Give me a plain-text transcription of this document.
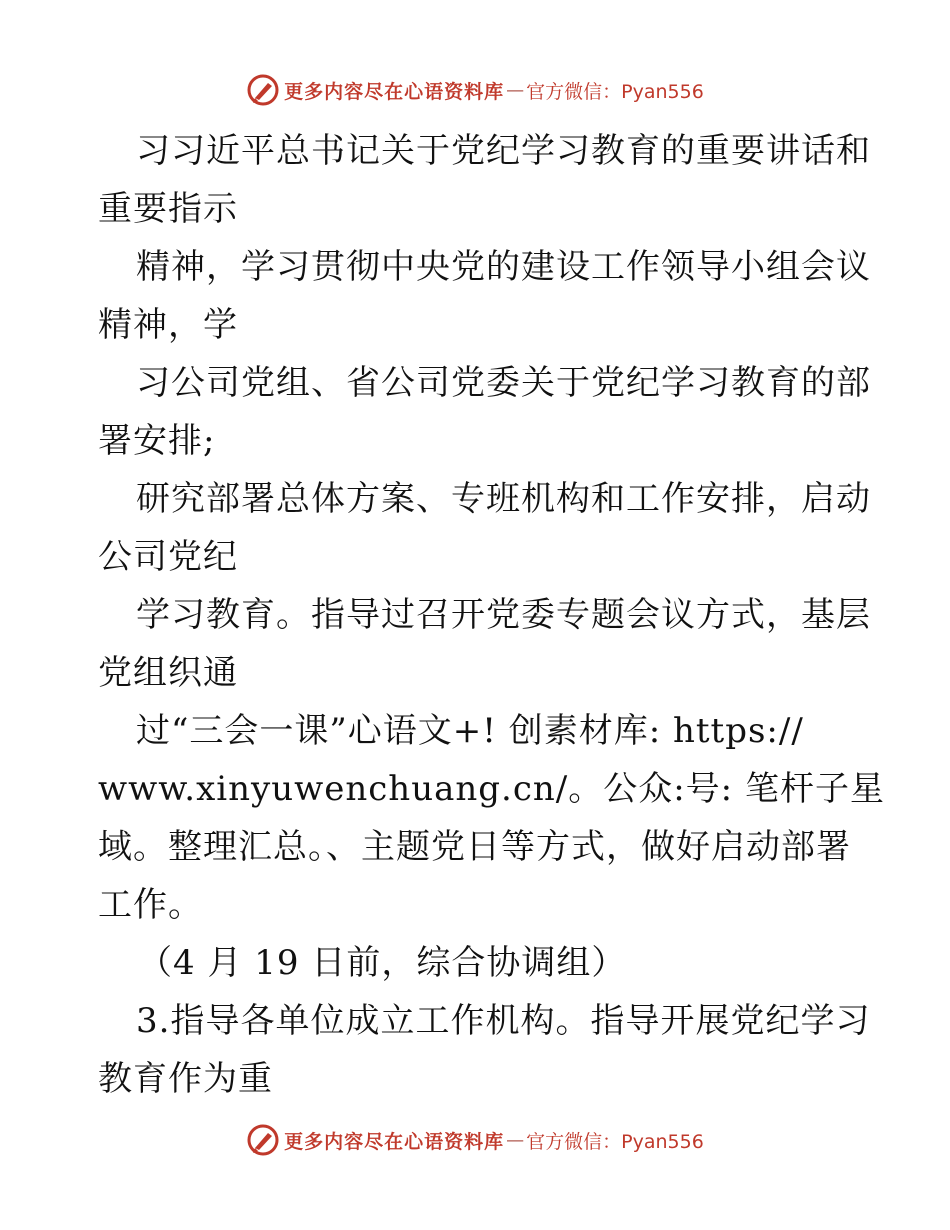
更多内容尽在心语资料库 — 官方微信：Pyan556
习习近平总书记关于党纪学习教育的重要讲话和
重要指示
精神，学习贯彻中央党的建设工作领导小组会议
精神，学
习公司党组、省公司党委关于党纪学习教育的部
署安排;
研究部署总体方案、专班机构和工作安排，启动
公司党纪
学习教育。指导过召开党委专题会议方式，基层
党组织通
过“三会一课”心语文+! 创素材库: https://
www.xinyuwenchuang.cn/。公众:号: 笔杆子星
域。整理汇总。、主题党日等方式，做好启动部署
工作。
（4 月 19 日前，综合协调组）
3.指导各单位成立工作机构。指导开展党纪学习
教育作为重
更多内容尽在心语资料库 — 官方微信：Pyan556
